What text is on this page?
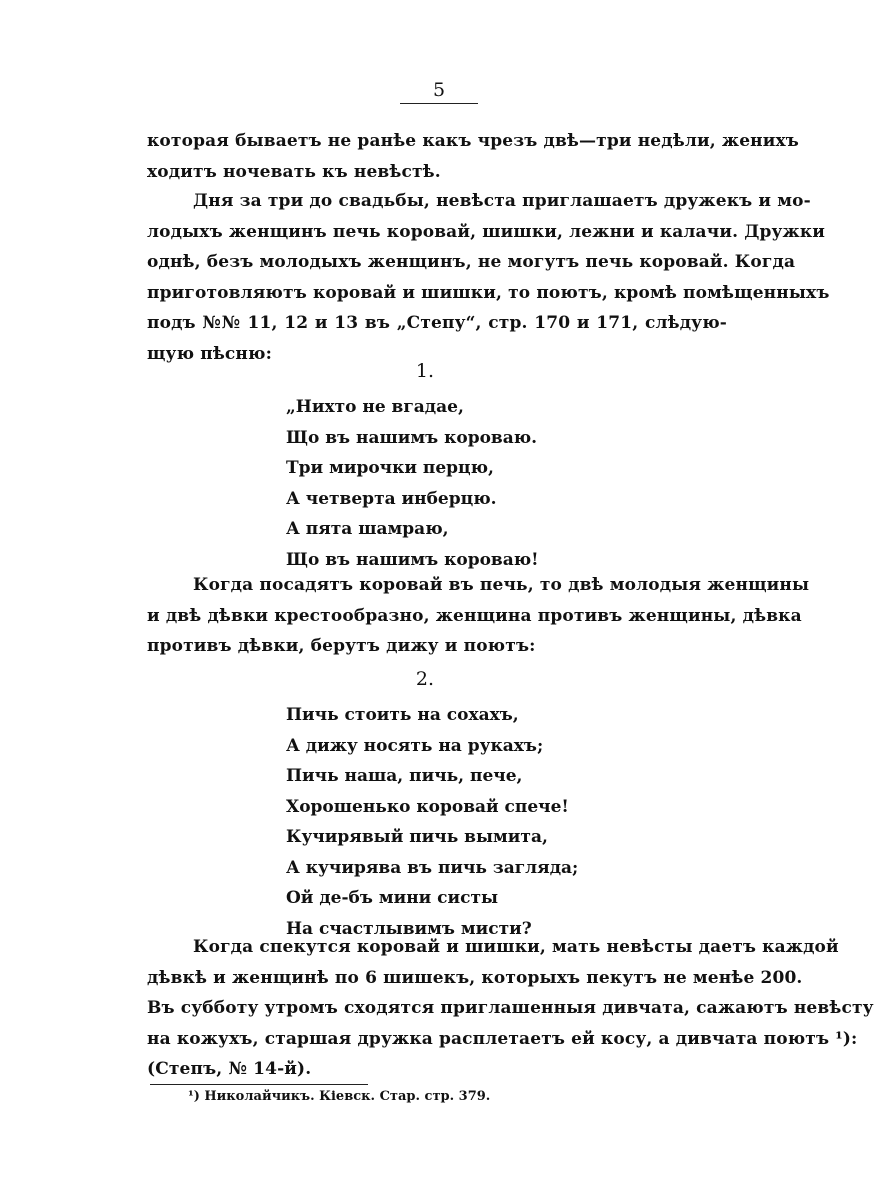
5
которая бываетъ не ранѣе какъ чрезъ двѣ—три недѣли, женихъ
ходитъ ночевать къ невѣстѣ.
Дня за три до свадьбы, невѣста приглашаетъ дружекъ и мо-
лодыхъ женщинъ печь коровай, шишки, лежни и калачи. Дружки
однѣ, безъ молодыхъ женщинъ, не могутъ печь коровай. Когда
приготовляютъ коровай и шишки, то поютъ, кромѣ помѣщенныхъ
подъ №№ 11, 12 и 13 въ „Степу“, стр. 170 и 171, слѣдую-
щую пѣсню:
1.
„Нихто не вгадае,
Що въ нашимъ короваю.
Три мирочки перцю,
А четверта инберцю.
А пята шамраю,
Що въ нашимъ короваю!
Когда посадятъ коровай въ печь, то двѣ молодыя женщины
и двѣ дѣвки крестообразно, женщина противъ женщины, дѣвка
противъ дѣвки, берутъ дижу и поютъ:
2.
Пичь стоить на сохахъ,
А дижу носять на рукахъ;
Пичь наша, пичь, пече,
Хорошенько коровай спече!
Кучирявый пичь вымита,
А кучирява въ пичь загляда;
Ой де-бъ мини систы
На счастлывимъ мисти?
Когда спекутся коровай и шишки, мать невѣсты даетъ каждой
дѣвкѣ и женщинѣ по 6 шишекъ, которыхъ пекутъ не менѣе 200.
Въ субботу утромъ сходятся приглашенныя дивчата, сажаютъ невѣсту
на кожухъ, старшая дружка расплетаетъ ей косу, а дивчата поютъ ¹):
(Степъ, № 14-й).
¹) Николайчикъ. Кіевск. Стар. стр. 379.
